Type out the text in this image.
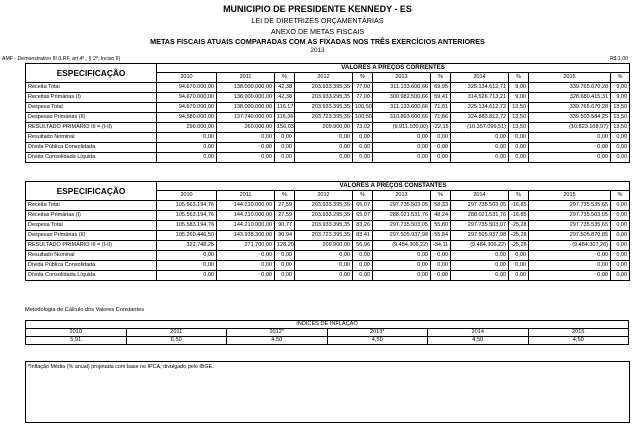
MUNICIPIO DE PRESIDENTE KENNEDY - ES
LEI DE DIRETRIZES ORÇAMENTÁRIAS
ANEXO DE METAS FISCAIS
METAS FISCAIS ATUAIS COMPARADAS COM AS FIXADAS NOS TRÊS EXERCÍCIOS ANTERIORES
2013
AMF - Demonstrativo III (LRF, art 4º., § 2º, Inciso II)	R$ 1,00
ESPECIFICAÇÃO	VALORES A PREÇOS CORRENTES										
	2010	2011	%	2012	%	2013	%	2014	%	2015	%
Receita Total	94.670.000,00	138.000.000,00	42,38	203.933.395,35	77,00	311.133.600,66	69,95	325.134.612,71	9,00	339.765.670,28	9,00
Receitas Primárias (I)	94.670.000,00	138.000.000,00	42,38	203.933.295,35	77,00	300.982.500,66	59,41	314.526.713,21	9,00	328.680.415,31	9,00
Despesa Total	94.670.000,00	138.000.000,00	116,17	203.933.395,35	100,50	311.133.600,66	71,81	325.134.612,72	13,50	339.765.670,28	13,50
Despesas Primárias (II)	94.580.000,00	137.740.000,00	116,36	203.723.395,35	100,50	310.893.600,66	71,86	324.883.812,72	13,50	339.503.584,25	13,50
RESULTADO PRIMÁRIO III = (I-II)	290.000,00	260.000,00	156,03	209.900,00	73,02	(9.911.100,00)	-22,15	(10.357.099,51)	13,50	(10.823.168,97)	13,50
Resultado Nominal	0,00	0,00	0,00	0,00	0,00	0,00	0,00	0,00	0,00	0,00	0,00
Dívida Pública Consolidada	0,00	0,00	0,00	0,00	0,00	0,00	0,00	0,00	0,00	0,00	0,00
Dívida Consolidada Líquida	0,00	0,00	0,00	0,00	0,00	0,00	0,00	0,00	0,00	0,00	0,00
ESPECIFICAÇÃO	VALORES A PREÇOS CONSTANTES										
	2010	2011	%	2012	%	2013	%	2014	%	2015	%
Receita Total	105.563.194,76	144.210.000,00	27,59	203.933.395,35	65,07	297.735.503,05	58,33	297.735.503,05	-16,85	297.735.535,65	0,00
Receitas Primárias (I)	105.563.194,76	144.210.000,00	27,59	203.933.295,35	65,07	288.021.531,76	48,24	288.021.531,76	-16,85	297.735.503,05	0,00
Despesa Total	105.583.194,76	144.210.000,00	90,77	203.933.395,35	83,26	297.735.503,05	55,80	297.735.503,07	-25,28	297.735.535,65	0,00
Despesas Primárias (II)	105.260.446,50	143.938.300,00	90,94	203.723.395,35	83,41	297.505.937,98	55,84	297.505.937,98	-25,28	297.505.870,85	0,00
RESULTADO PRIMÁRIO III = (I-II)	322.748,25	271.700,00	128,20	209.900,00	56,96	(9.484.306,22)	-34,11	(9.484.306,22)	-25,28	(9.484.307,26)	0,00
Resultado Nominal	0,00	0,00	0,00	0,00	0,00	0,00	0,00	0,00	0,00	0,00	0,00
Dívida Pública Consolidada	0,00	0,00	0,00	0,00	0,00	0,00	0,00	0,00	0,00	0,00	0,00
Dívida Consolidada Líquida	0,00	0,00	0,00	0,00	0,00	0,00	0,00	0,00	0,00	0,00	0,00
Metodologia de Cálculo dos Valores Constantes
ÍNDICES DE INFLAÇÃO					
2010	2011	2012*	2013*	2014	2015
5,91	6,50	4,50	4,50	4,50	4,50
*Inflação Média (% anual) projetada com base no IPCA, divulgado pelo IBGE.
